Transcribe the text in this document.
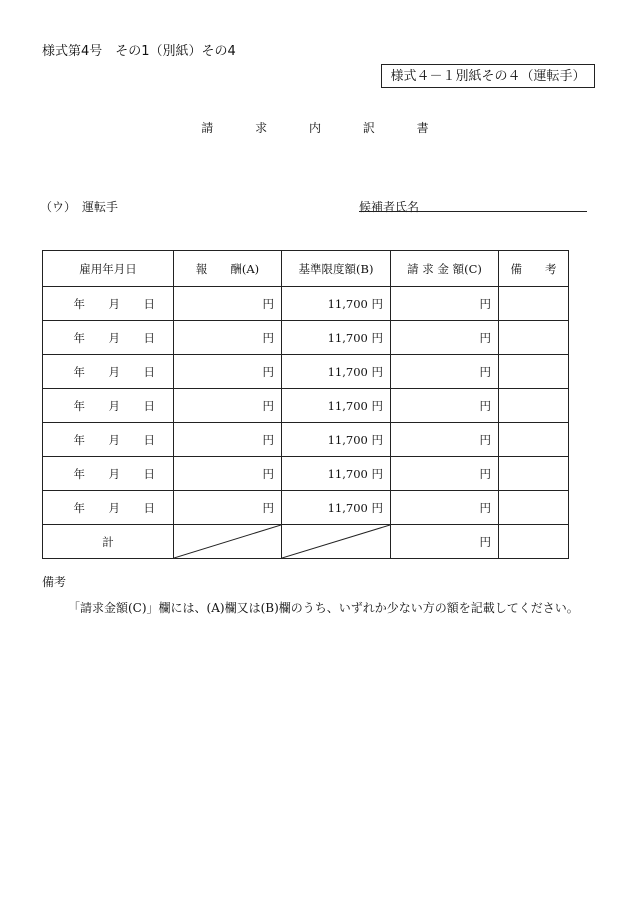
様式第4号　その1（別紙）その4
様式４－１別紙その４（運転手）
請	求	内	訳	書
（ウ）　運転手	候補者氏名
雇用年月日	報　　酬(A)	基準限度額(B)	請 求 金 額(C)	備　　考
年 月 日	円	11,700 円	円	
年 月 日	円	11,700 円	円	
年 月 日	円	11,700 円	円	
年 月 日	円	11,700 円	円	
年 月 日	円	11,700 円	円	
年 月 日	円	11,700 円	円	
年 月 日	円	11,700 円	円	
計			円	
備考
「請求金額(C)」欄には、(A)欄又は(B)欄のうち、いずれか少ない方の額を記載してください。
